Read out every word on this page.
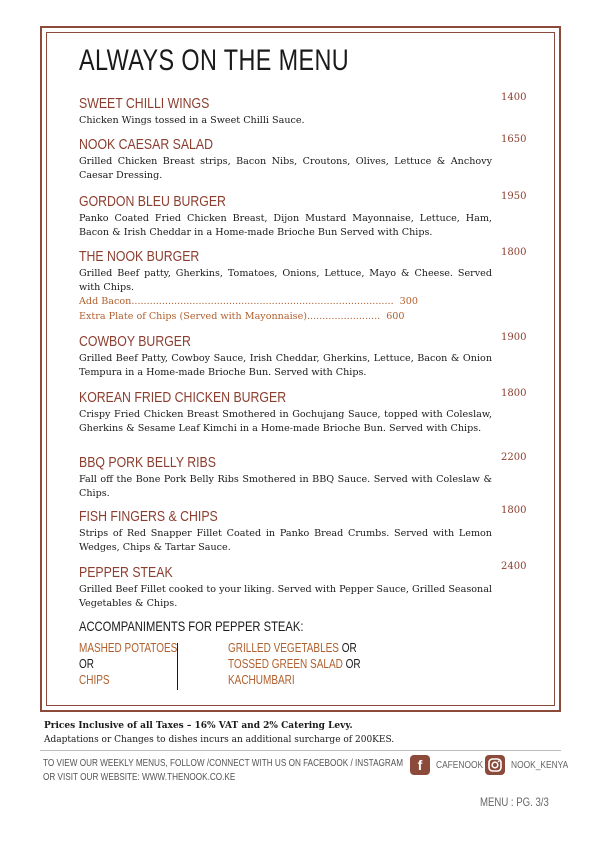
ALWAYS ON THE MENU
SWEET CHILLI WINGS
Chicken Wings tossed in a Sweet Chilli Sauce.
1400
NOOK CAESAR SALAD
Grilled Chicken Breast strips, Bacon Nibs, Croutons, Olives, Lettuce & Anchovy Caesar Dressing.
1650
GORDON BLEU BURGER
Panko Coated Fried Chicken Breast, Dijon Mustard Mayonnaise, Lettuce, Ham, Bacon & Irish Cheddar in a Home-made Brioche Bun Served with Chips.
1950
THE NOOK BURGER
Grilled Beef patty, Gherkins, Tomatoes, Onions, Lettuce, Mayo & Cheese. Served with Chips.
Add Bacon ...................................................................................... 300
Extra Plate of Chips (Served with Mayonnaise) ........................ 600
1800
COWBOY BURGER
Grilled Beef Patty, Cowboy Sauce, Irish Cheddar, Gherkins, Lettuce, Bacon & Onion Tempura in a Home-made Brioche Bun. Served with Chips.
1900
KOREAN FRIED CHICKEN BURGER
Crispy Fried Chicken Breast Smothered in Gochujang Sauce, topped with Coleslaw, Gherkins & Sesame Leaf Kimchi in a Home-made Brioche Bun. Served with Chips.
1800
BBQ PORK BELLY RIBS
Fall off the Bone Pork Belly Ribs Smothered in BBQ Sauce. Served with Coleslaw & Chips.
2200
FISH FINGERS & CHIPS
Strips of Red Snapper Fillet Coated in Panko Bread Crumbs. Served with Lemon Wedges, Chips & Tartar Sauce.
1800
PEPPER STEAK
Grilled Beef Fillet cooked to your liking. Served with Pepper Sauce, Grilled Seasonal Vegetables & Chips.
2400
ACCOMPANIMENTS FOR PEPPER STEAK:
MASHED POTATOES
OR
CHIPS
GRILLED VEGETABLES OR
TOSSED GREEN SALAD OR
KACHUMBARI
Prices Inclusive of all Taxes – 16% VAT and 2% Catering Levy.
Adaptations or Changes to dishes incurs an additional surcharge of 200KES.
TO VIEW OUR WEEKLY MENUS, FOLLOW /CONNECT WITH US ON FACEBOOK / INSTAGRAM
OR VISIT OUR WEBSITE: WWW.THENOOK.CO.KE
f	CAFENOOK	NOOK_KENYA
MENU : PG. 3/3
